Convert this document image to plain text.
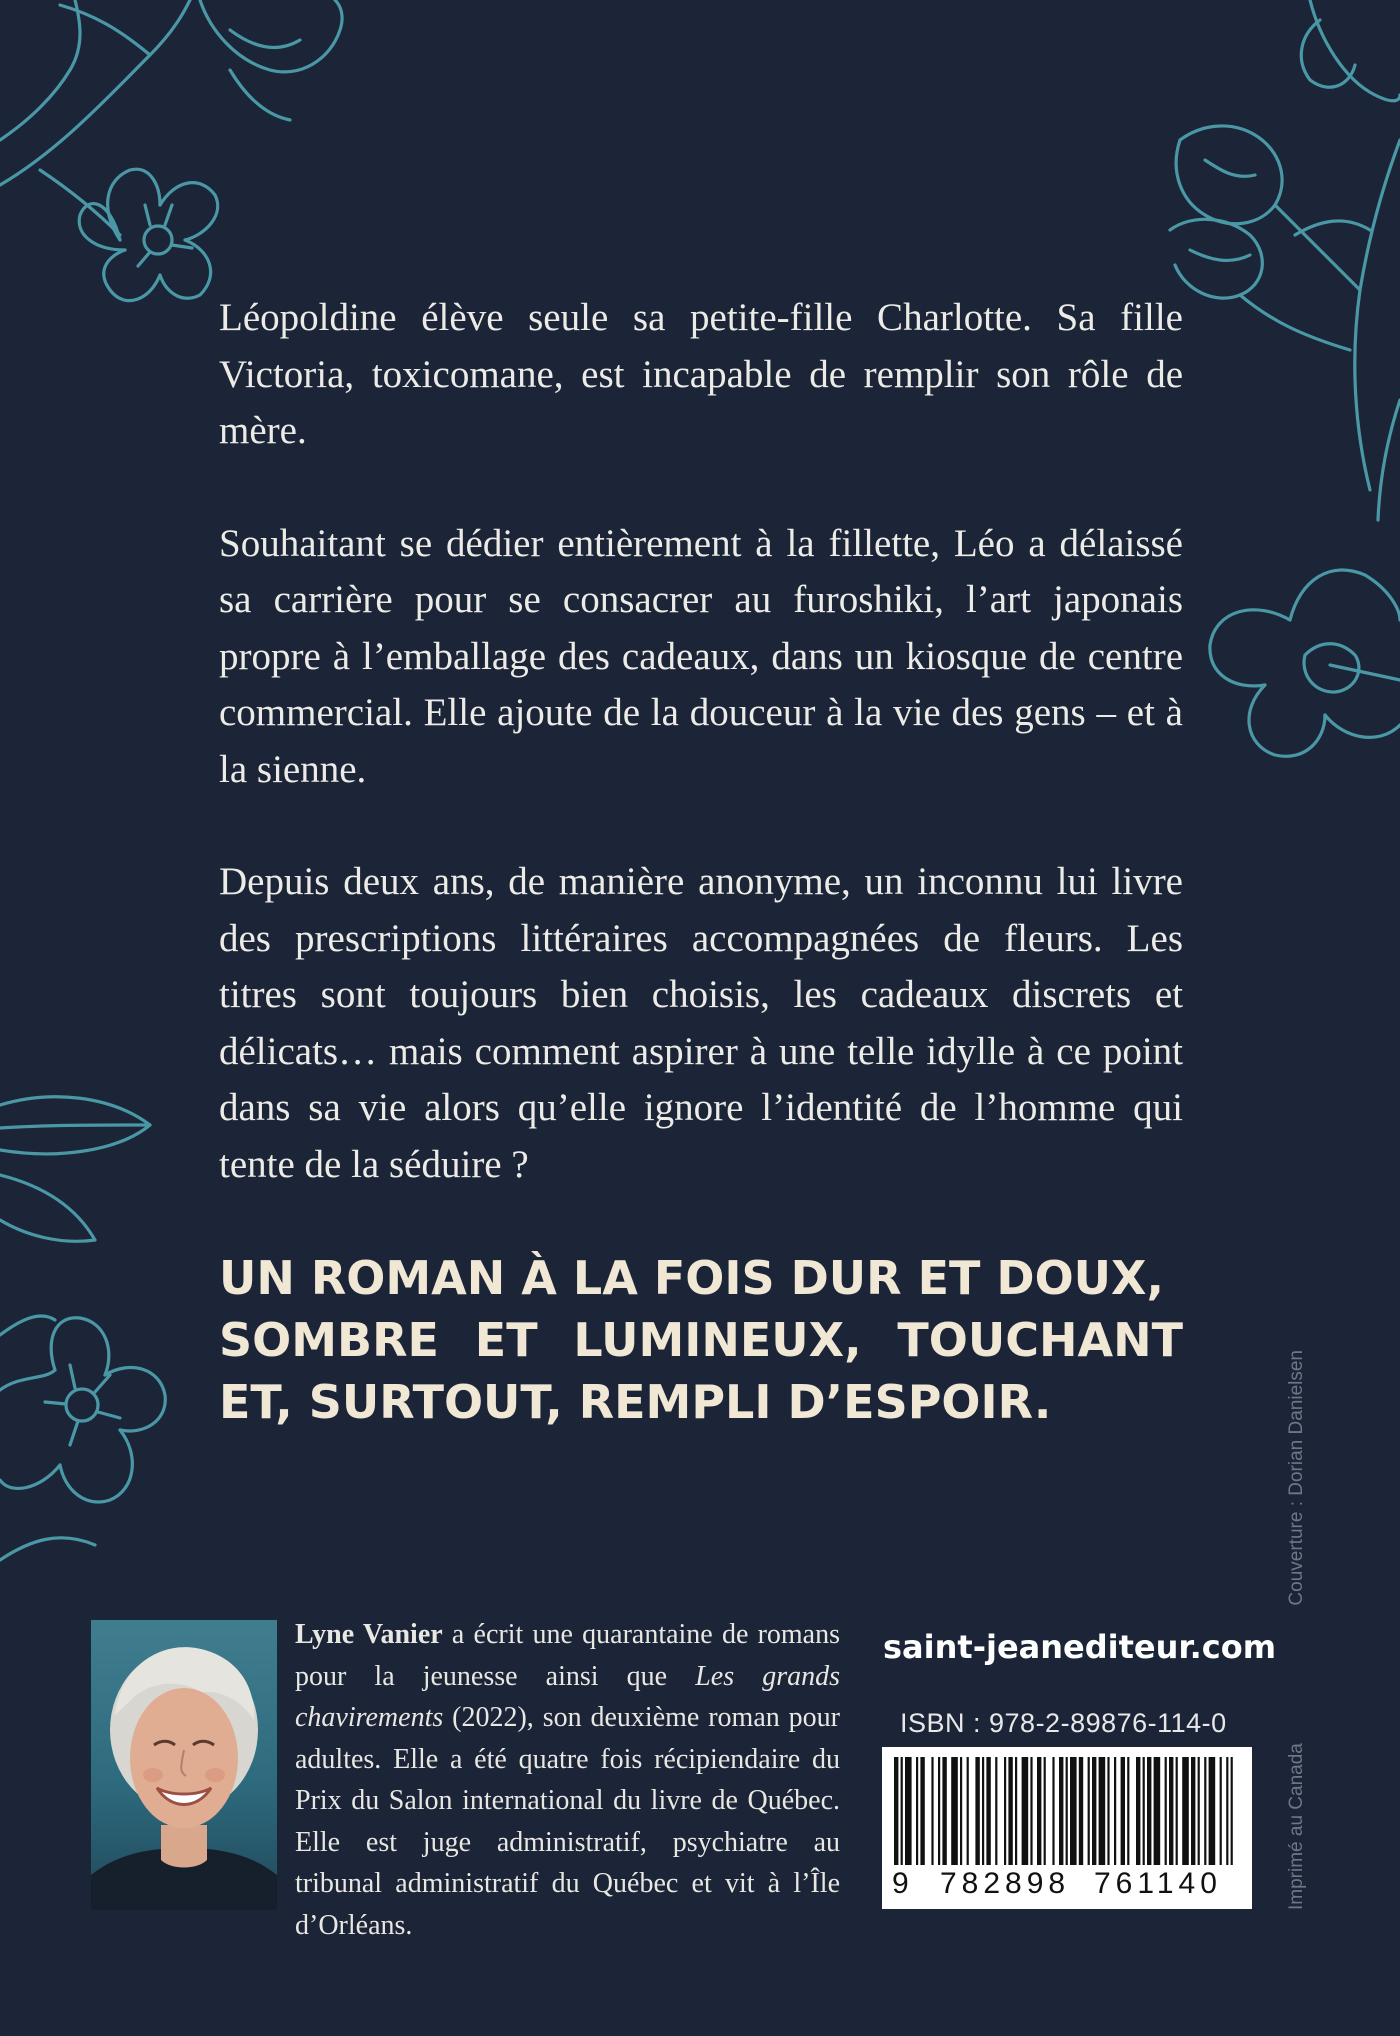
Léopoldine élève seule sa petite-fille Charlotte. Sa fille Victoria, toxicomane, est incapable de remplir son rôle de mère.

Souhaitant se dédier entièrement à la fillette, Léo a délaissé sa carrière pour se consacrer au furoshiki, l’art japonais propre à l’emballage des cadeaux, dans un kiosque de centre commercial. Elle ajoute de la douceur à la vie des gens – et à la sienne.

Depuis deux ans, de manière anonyme, un inconnu lui livre des prescriptions littéraires accompagnées de fleurs. Les titres sont toujours bien choisis, les cadeaux discrets et délicats… mais comment aspirer à une telle idylle à ce point dans sa vie alors qu’elle ignore l’identité de l’homme qui tente de la séduire ?

UN ROMAN À LA FOIS DUR ET DOUX,
SOMBRE ET LUMINEUX, TOUCHANT
ET, SURTOUT, REMPLI D’ESPOIR.
Lyne Vanier a écrit une quarantaine de romans pour la jeunesse ainsi que Les grands chavirements (2022), son deuxième roman pour adultes. Elle a été quatre fois récipiendaire du Prix du Salon international du livre de Québec. Elle est juge administratif, psychiatre au tribunal administratif du Québec et vit à l’Île d’Orléans.
saint-jeanediteur.com
ISBN : 978-2-89876-114-0
9 782898 761140	Imprimé au Canada
Couverture : Dorian Danielsen
